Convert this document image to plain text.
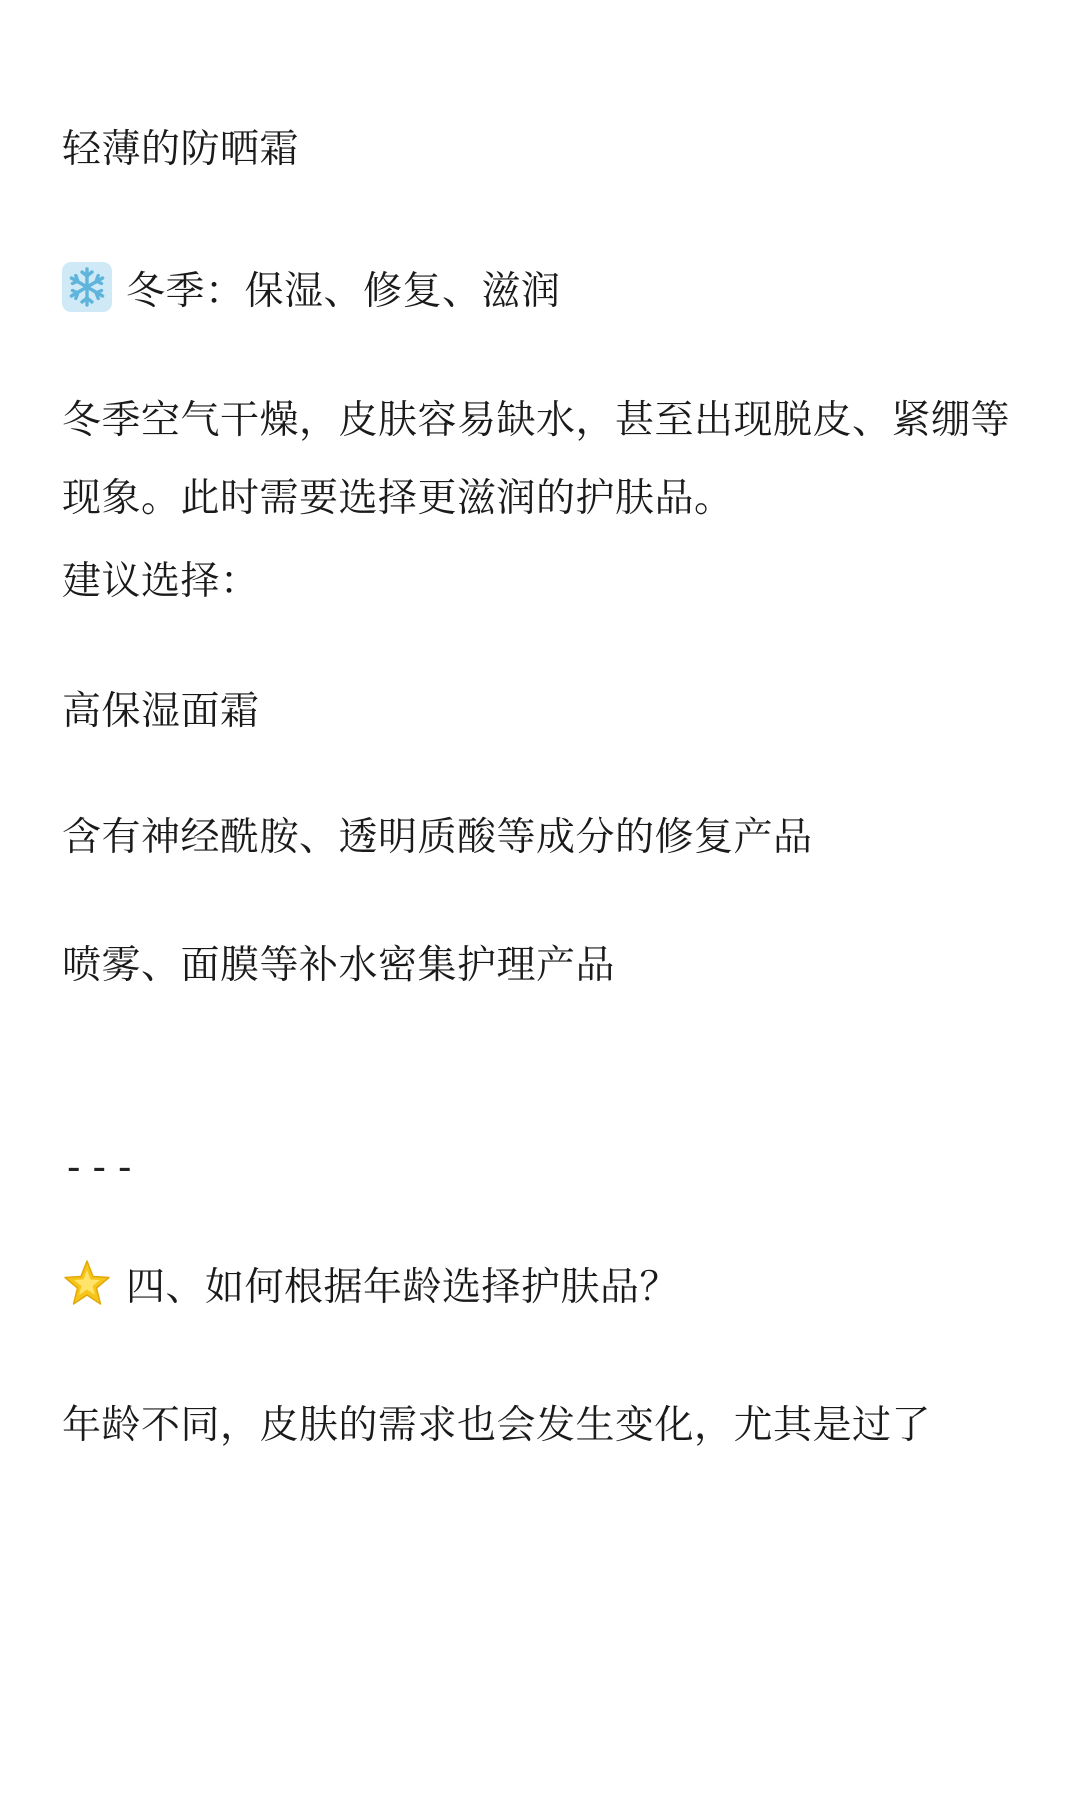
轻薄的防晒霜
冬季：保湿、修复、滋润
冬季空气干燥，皮肤容易缺水，甚至出现脱皮、紧绷等现象。此时需要选择更滋润的护肤品。
建议选择：
高保湿面霜
含有神经酰胺、透明质酸等成分的修复产品
喷雾、面膜等补水密集护理产品
---
四、如何根据年龄选择护肤品？
年龄不同，皮肤的需求也会发生变化，尤其是过了
